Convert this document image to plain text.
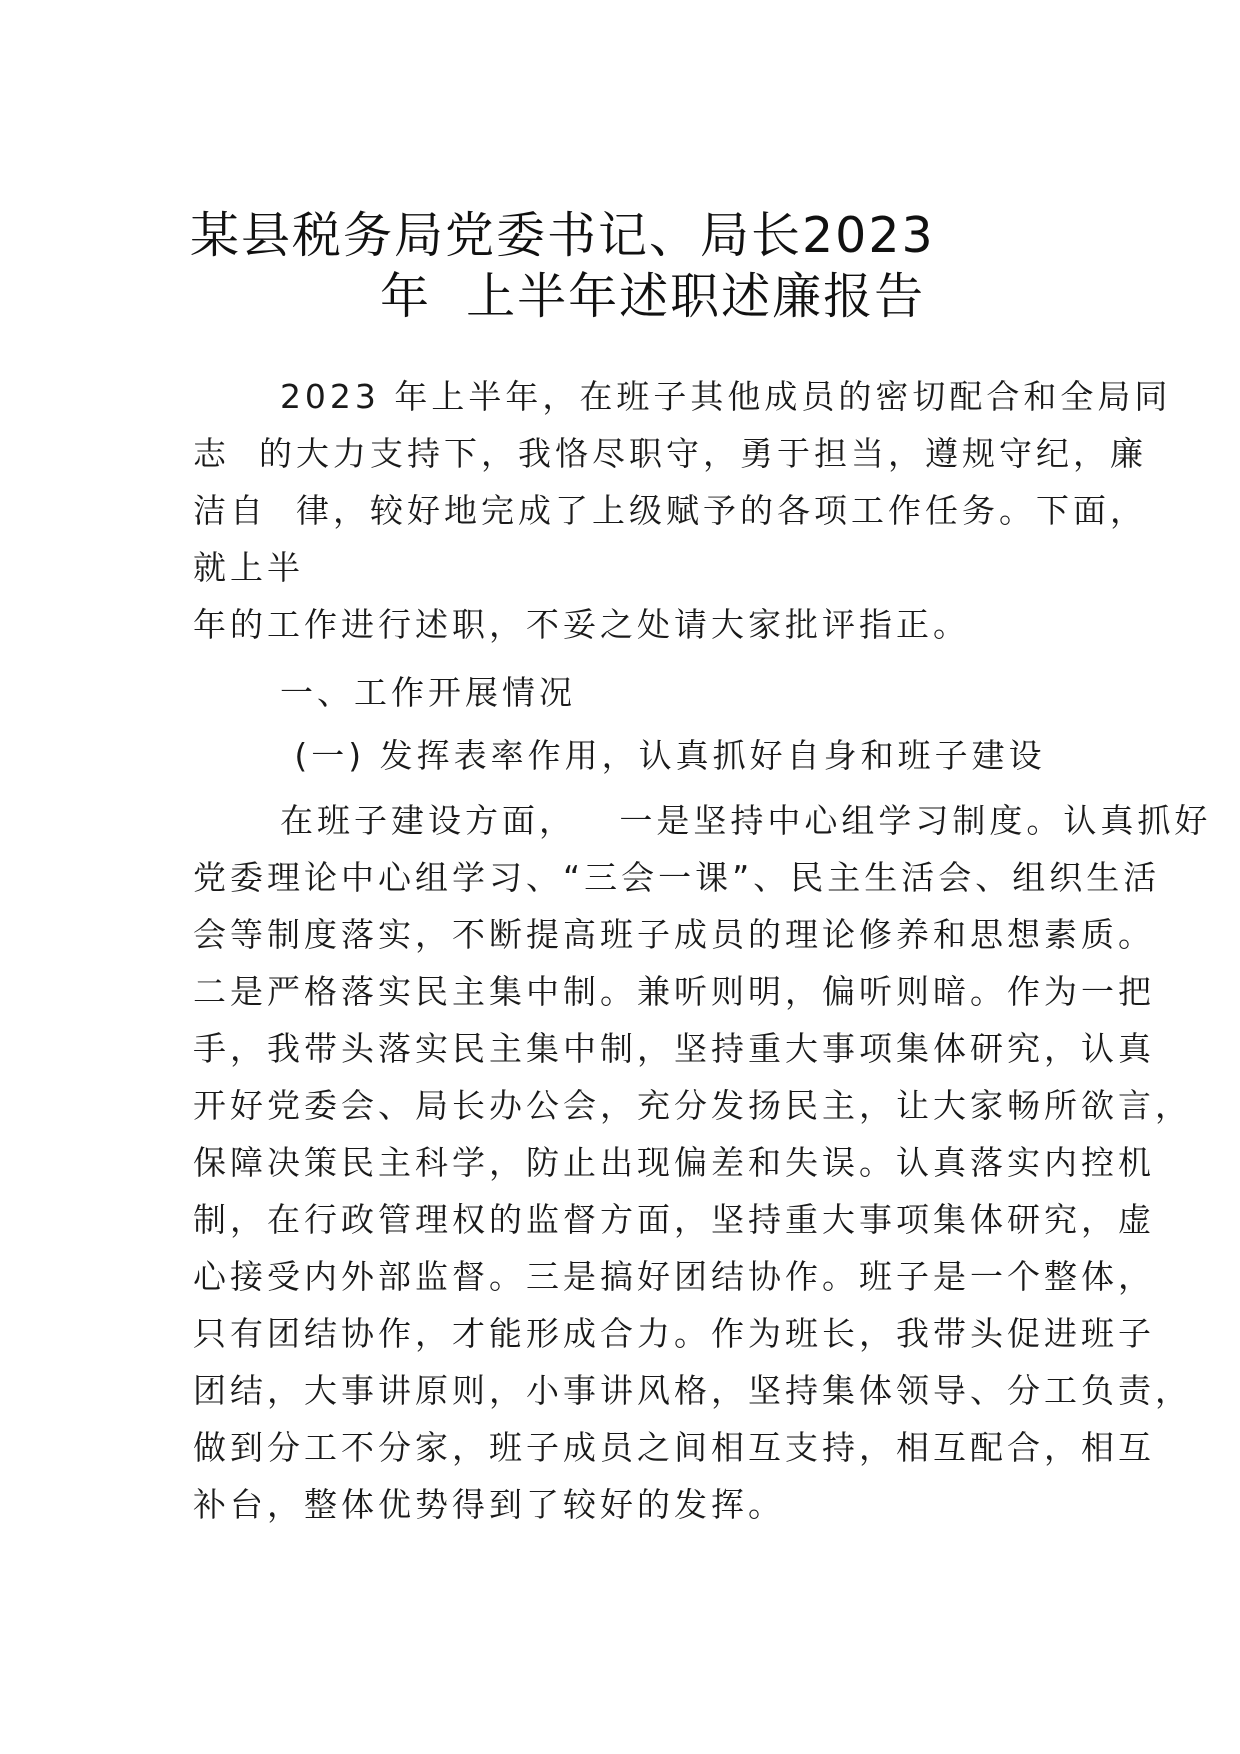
某县税务局党委书记、局长2023
年  上半年述职述廉报告
2023 年上半年，在班子其他成员的密切配合和全局同
志  的大力支持下，我恪尽职守，勇于担当，遵规守纪，廉
洁自  律，较好地完成了上级赋予的各项工作任务。下面，
就上半
年的工作进行述职，不妥之处请大家批评指正。
一、工作开展情况
(一) 发挥表率作用，认真抓好自身和班子建设
在班子建设方面，   一是坚持中心组学习制度。认真抓好
党委理论中心组学习、“三会一课”、民主生活会、组织生活
会等制度落实，不断提高班子成员的理论修养和思想素质。
二是严格落实民主集中制。兼听则明，偏听则暗。作为一把
手，我带头落实民主集中制，坚持重大事项集体研究，认真
开好党委会、局长办公会，充分发扬民主，让大家畅所欲言，
保障决策民主科学，防止出现偏差和失误。认真落实内控机
制，在行政管理权的监督方面，坚持重大事项集体研究，虚
心接受内外部监督。三是搞好团结协作。班子是一个整体，
只有团结协作，才能形成合力。作为班长，我带头促进班子
团结，大事讲原则，小事讲风格，坚持集体领导、分工负责，
做到分工不分家，班子成员之间相互支持，相互配合，相互
补台，整体优势得到了较好的发挥。
